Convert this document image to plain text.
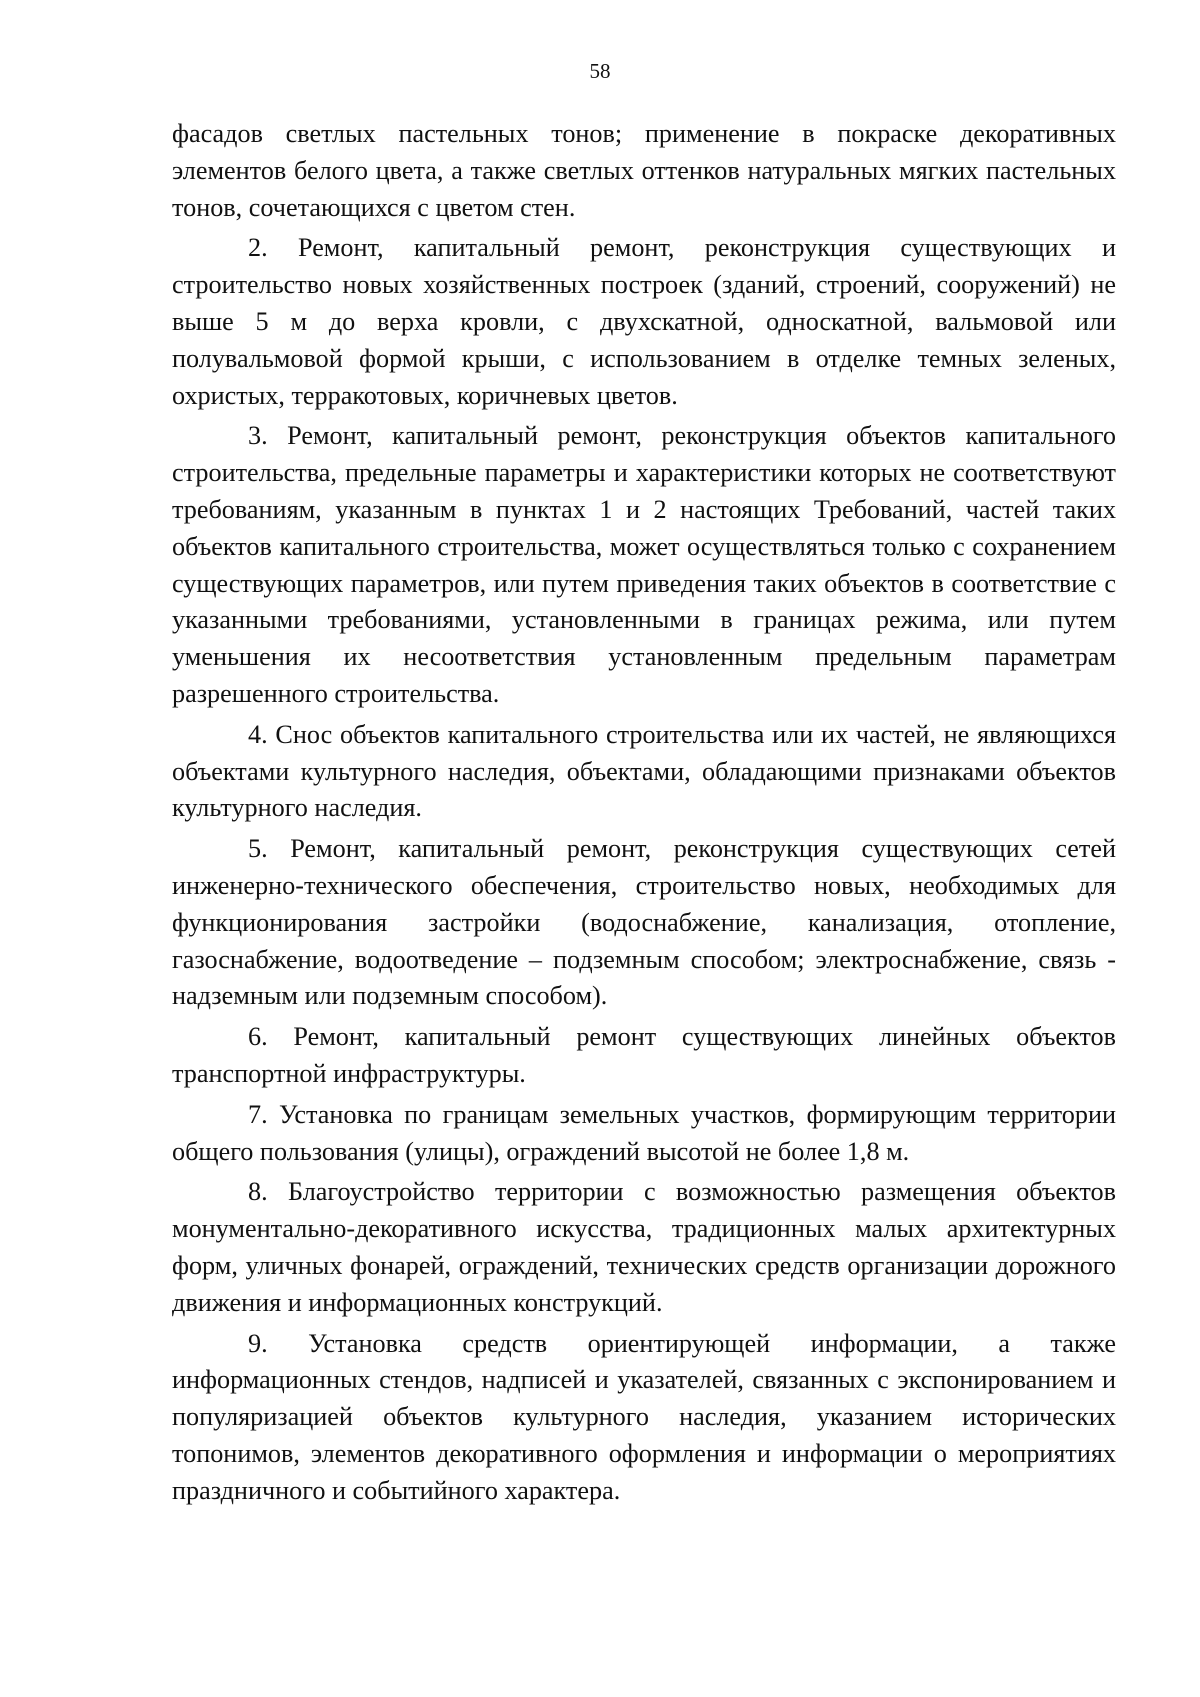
58

фасадов светлых пастельных тонов; применение в покраске декоративных элементов белого цвета, а также светлых оттенков натуральных мягких пастельных тонов, сочетающихся с цветом стен.

2. Ремонт, капитальный ремонт, реконструкция существующих и строительство новых хозяйственных построек (зданий, строений, сооружений) не выше 5 м до верха кровли, с двухскатной, односкатной, вальмовой или полувальмовой формой крыши, с использованием в отделке темных зеленых, охристых, терракотовых, коричневых цветов.

3. Ремонт, капитальный ремонт, реконструкция объектов капитального строительства, предельные параметры и характеристики которых не соответствуют требованиям, указанным в пунктах 1 и 2 настоящих Требований, частей таких объектов капитального строительства, может осуществляться только с сохранением существующих параметров, или путем приведения таких объектов в соответствие с указанными требованиями, установленными в границах режима, или путем уменьшения их несоответствия установленным предельным параметрам разрешенного строительства.

4. Снос объектов капитального строительства или их частей, не являющихся объектами культурного наследия, объектами, обладающими признаками объектов культурного наследия.

5. Ремонт, капитальный ремонт, реконструкция существующих сетей инженерно-технического обеспечения, строительство новых, необходимых для функционирования застройки (водоснабжение, канализация, отопление, газоснабжение, водоотведение – подземным способом; электроснабжение, связь - надземным или подземным способом).

6. Ремонт, капитальный ремонт существующих линейных объектов транспортной инфраструктуры.

7. Установка по границам земельных участков, формирующим территории общего пользования (улицы), ограждений высотой не более 1,8 м.

8. Благоустройство территории с возможностью размещения объектов монументально-декоративного искусства, традиционных малых архитектурных форм, уличных фонарей, ограждений, технических средств организации дорожного движения и информационных конструкций.

9. Установка средств ориентирующей информации, а также информационных стендов, надписей и указателей, связанных с экспонированием и популяризацией объектов культурного наследия, указанием исторических топонимов, элементов декоративного оформления и информации о мероприятиях праздничного и событийного характера.
